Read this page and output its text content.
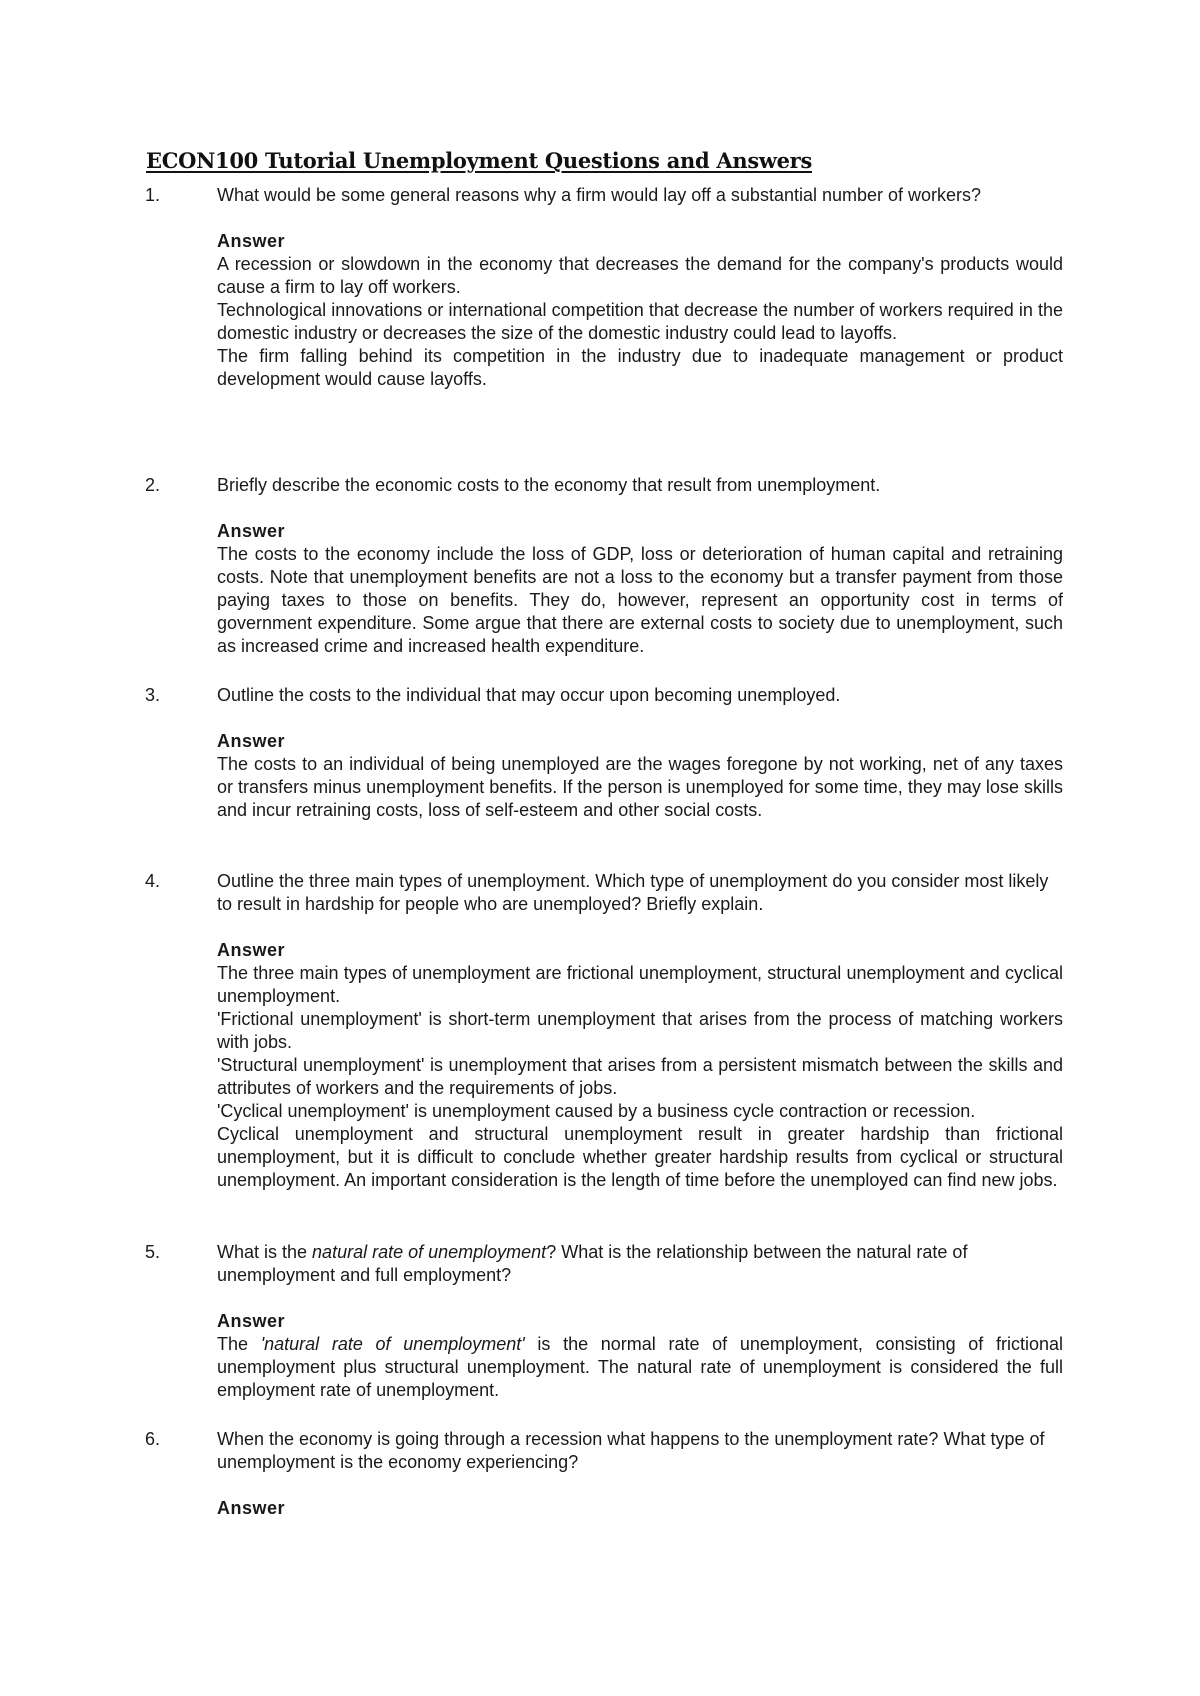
ECON100 Tutorial Unemployment Questions and Answers
1.	What would be some general reasons why a firm would lay off a substantial number of workers?

Answer

A recession or slowdown in the economy that decreases the demand for the company's products would cause a firm to lay off workers.

Technological innovations or international competition that decrease the number of workers required in the domestic industry or decreases the size of the domestic industry could lead to layoffs.

The firm falling behind its competition in the industry due to inadequate management or product development would cause layoffs.

2.	Briefly describe the economic costs to the economy that result from unemployment.

Answer

The costs to the economy include the loss of GDP, loss or deterioration of human capital and retraining costs. Note that unemployment benefits are not a loss to the economy but a transfer payment from those paying taxes to those on benefits. They do, however, represent an opportunity cost in terms of government expenditure. Some argue that there are external costs to society due to unemployment, such as increased crime and increased health expenditure.

3.	Outline the costs to the individual that may occur upon becoming unemployed.

Answer

The costs to an individual of being unemployed are the wages foregone by not working, net of any taxes or transfers minus unemployment benefits. If the person is unemployed for some time, they may lose skills and incur retraining costs, loss of self-esteem and other social costs.

4.	Outline the three main types of unemployment. Which type of unemployment do you consider most likely to result in hardship for people who are unemployed? Briefly explain.

Answer

The three main types of unemployment are frictional unemployment, structural unemployment and cyclical unemployment.

'Frictional unemployment' is short-term unemployment that arises from the process of matching workers with jobs.

'Structural unemployment' is unemployment that arises from a persistent mismatch between the skills and attributes of workers and the requirements of jobs.

'Cyclical unemployment' is unemployment caused by a business cycle contraction or recession.

Cyclical unemployment and structural unemployment result in greater hardship than frictional unemployment, but it is difficult to conclude whether greater hardship results from cyclical or structural unemployment. An important consideration is the length of time before the unemployed can find new jobs.

5.	What is the natural rate of unemployment? What is the relationship between the natural rate of unemployment and full employment?

Answer

The 'natural rate of unemployment' is the normal rate of unemployment, consisting of frictional unemployment plus structural unemployment. The natural rate of unemployment is considered the full employment rate of unemployment.

6.	When the economy is going through a recession what happens to the unemployment rate? What type of unemployment is the economy experiencing?

Answer
